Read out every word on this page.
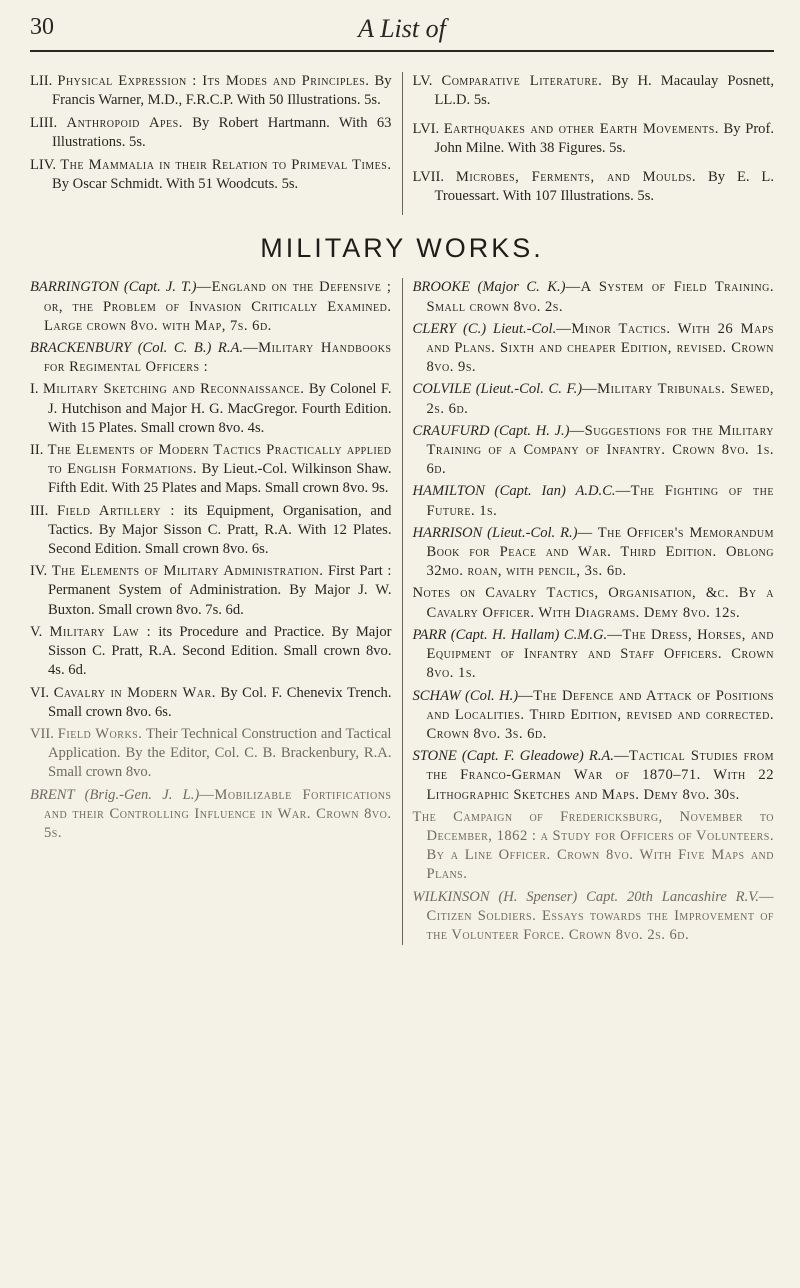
30	A List of

LII. Physical Expression : Its Modes and Principles. By Francis Warner, M.D., F.R.C.P. With 50 Illustrations. 5s.

LIII. Anthropoid Apes. By Robert Hartmann. With 63 Illustrations. 5s.

LIV. The Mammalia in their Relation to Primeval Times. By Oscar Schmidt. With 51 Woodcuts. 5s.

LV. Comparative Literature. By H. Macaulay Posnett, LL.D. 5s.

LVI. Earthquakes and other Earth Movements. By Prof. John Milne. With 38 Figures. 5s.

LVII. Microbes, Ferments, and Moulds. By E. L. Trouessart. With 107 Illustrations. 5s.

MILITARY WORKS.

BARRINGTON (Capt. J. T.)—England on the Defensive ; or, the Problem of Invasion Critically Examined. Large crown 8vo. with Map, 7s. 6d.

BRACKENBURY (Col. C. B.) R.A.—Military Handbooks for Regimental Officers :

I. Military Sketching and Reconnaissance. By Colonel F. J. Hutchison and Major H. G. MacGregor. Fourth Edition. With 15 Plates. Small crown 8vo. 4s.

II. The Elements of Modern Tactics Practically applied to English Formations. By Lieut.-Col. Wilkinson Shaw. Fifth Edit. With 25 Plates and Maps. Small crown 8vo. 9s.

III. Field Artillery : its Equipment, Organisation, and Tactics. By Major Sisson C. Pratt, R.A. With 12 Plates. Second Edition. Small crown 8vo. 6s.

IV. The Elements of Military Administration. First Part : Permanent System of Administration. By Major J. W. Buxton. Small crown 8vo. 7s. 6d.

V. Military Law : its Procedure and Practice. By Major Sisson C. Pratt, R.A. Second Edition. Small crown 8vo. 4s. 6d.

VI. Cavalry in Modern War. By Col. F. Chenevix Trench. Small crown 8vo. 6s.

VII. Field Works. Their Technical Construction and Tactical Application. By the Editor, Col. C. B. Brackenbury, R.A. Small crown 8vo.

BRENT (Brig.-Gen. J. L.)—Mobilizable Fortifications and their Controlling Influence in War. Crown 8vo. 5s.

BROOKE (Major C. K.)—A System of Field Training. Small crown 8vo. 2s.

CLERY (C.) Lieut.-Col.—Minor Tactics. With 26 Maps and Plans. Sixth and cheaper Edition, revised. Crown 8vo. 9s.

COLVILE (Lieut.-Col. C. F.)—Military Tribunals. Sewed, 2s. 6d.

CRAUFURD (Capt. H. J.)—Suggestions for the Military Training of a Company of Infantry. Crown 8vo. 1s. 6d.

HAMILTON (Capt. Ian) A.D.C.—The Fighting of the Future. 1s.

HARRISON (Lieut.-Col. R.)— The Officer's Memorandum Book for Peace and War. Third Edition. Oblong 32mo. roan, with pencil, 3s. 6d.

Notes on Cavalry Tactics, Organisation, &c. By a Cavalry Officer. With Diagrams. Demy 8vo. 12s.

PARR (Capt. H. Hallam) C.M.G.—The Dress, Horses, and Equipment of Infantry and Staff Officers. Crown 8vo. 1s.

SCHAW (Col. H.)—The Defence and Attack of Positions and Localities. Third Edition, revised and corrected. Crown 8vo. 3s. 6d.

STONE (Capt. F. Gleadowe) R.A.—Tactical Studies from the Franco-German War of 1870–71. With 22 Lithographic Sketches and Maps. Demy 8vo. 30s.

The Campaign of Fredericksburg, November to December, 1862 : a Study for Officers of Volunteers. By a Line Officer. Crown 8vo. With Five Maps and Plans.

WILKINSON (H. Spenser) Capt. 20th Lancashire R.V.—Citizen Soldiers. Essays towards the Improvement of the Volunteer Force. Crown 8vo. 2s. 6d.
